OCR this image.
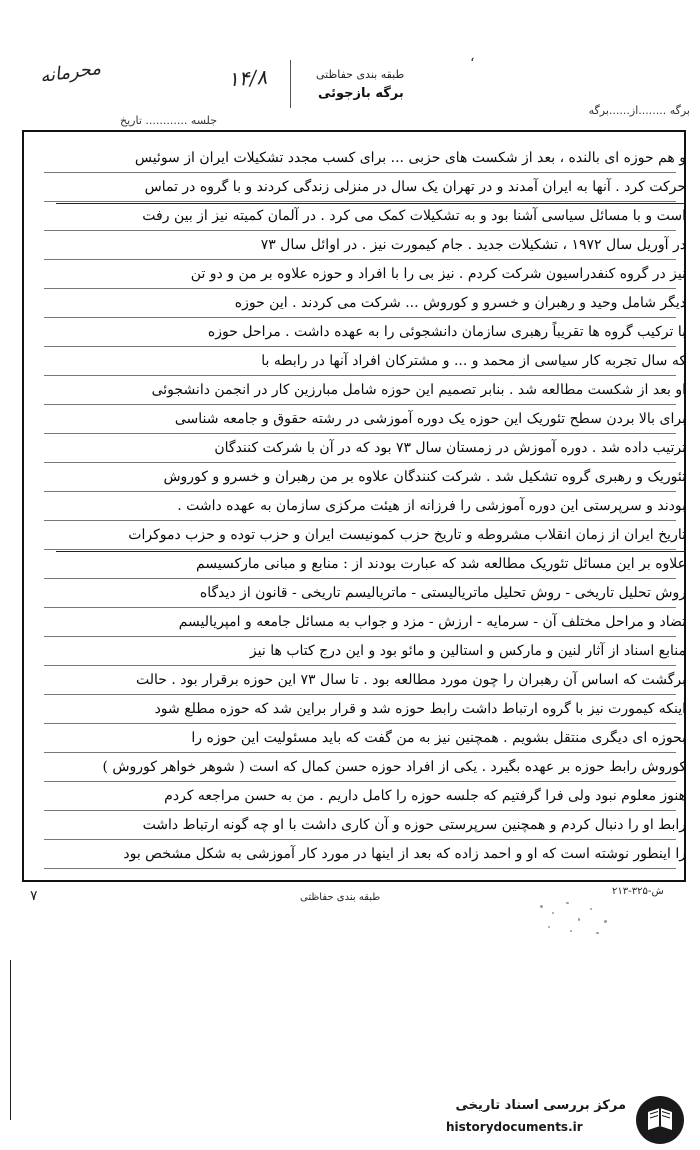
محرمانه	۱۴/۸	طبقه بندی حفاظتی
برگه بازجوئی
ʻ
برگه ........از......برگه
جلسه ............ تاریخ
و هم حوزه ای بالنده ، بعد از شکست های حزبی ... برای کسب مجدد تشکیلات ایران از سوئیس
حرکت کرد . آنها به ایران آمدند و در تهران یک سال در منزلی زندگی کردند و با گروه در تماس
است و با مسائل سیاسی آشنا بود و به تشکیلات کمک می کرد . در آلمان کمیته نیز از بین رفت
در آوریل سال ۱۹۷۲ ، تشکیلات جدید . جام کیمورت نیز . در اوائل سال ۷۳
نیز در گروه کنفدراسیون شرکت کردم . نیز بی را با افراد و حوزه علاوه بر من و دو تن
دیگر شامل وحید و رهبران و خسرو و کوروش ... شرکت می کردند . این حوزه
با ترکیب گروه ها تقریباً رهبری سازمان دانشجوئی را به عهده داشت . مراحل حوزه
که سال تجربه کار سیاسی از محمد و ... و مشترکان افراد آنها در رابطه با
او بعد از شکست مطالعه شد . بنابر تصمیم این حوزه شامل مبارزین کار در انجمن دانشجوئی
برای بالا بردن سطح تئوریک این حوزه یک دوره آموزشی در رشته حقوق و جامعه شناسی
ترتیب داده شد . دوره آموزش در زمستان سال ۷۳ بود که در آن با شرکت کنندگان
تئوریک و رهبری گروه تشکیل شد . شرکت کنندگان علاوه بر من رهبران و خسرو و کوروش
بودند و سرپرستی این دوره آموزشی را فرزانه از هیئت مرکزی سازمان به عهده داشت .
تاریخ ایران از زمان انقلاب مشروطه و تاریخ حزب کمونیست ایران و حزب توده و حزب دموکرات
علاوه بر این مسائل تئوریک مطالعه شد که عبارت بودند از : منابع و مبانی مارکسیسم
روش تحلیل تاریخی - روش تحلیل ماتریالیستی - ماتریالیسم تاریخی - قانون از دیدگاه
تضاد و مراحل مختلف آن - سرمایه - ارزش - مزد و جواب به مسائل جامعه و امپریالیسم
منابع اسناد از آثار لنین و مارکس و استالین و مائو بود و این درج کتاب ها نیز
برگشت که اساس آن رهبران را چون مورد مطالعه بود . تا سال ۷۳ این حوزه برقرار بود . حالت
اینکه کیمورت نیز با گروه ارتباط داشت رابط حوزه شد و قرار براین شد که حوزه مطلع شود
بحوزه ای دیگری منتقل بشویم . همچنین نیز به من گفت که باید مسئولیت این حوزه را
کوروش رابط حوزه بر عهده بگیرد . یکی از افراد حوزه حسن کمال که است ( شوهر خواهر کوروش )
هنوز معلوم نبود ولی فرا گرفتیم که جلسه حوزه را کامل داریم . من به حسن مراجعه کردم
رابط او را دنبال کردم و همچنین سرپرستی حوزه و آن کاری داشت با او چه گونه ارتباط داشت
را اینطور نوشته است که او و احمد زاده که بعد از اینها در مورد کار آموزشی به شکل مشخص بود
۷	طبقه بندی حفاظتی
ش-۳۲۵-۲۱۳
مرکز بررسی اسناد تاریخی
historydocuments.ir
